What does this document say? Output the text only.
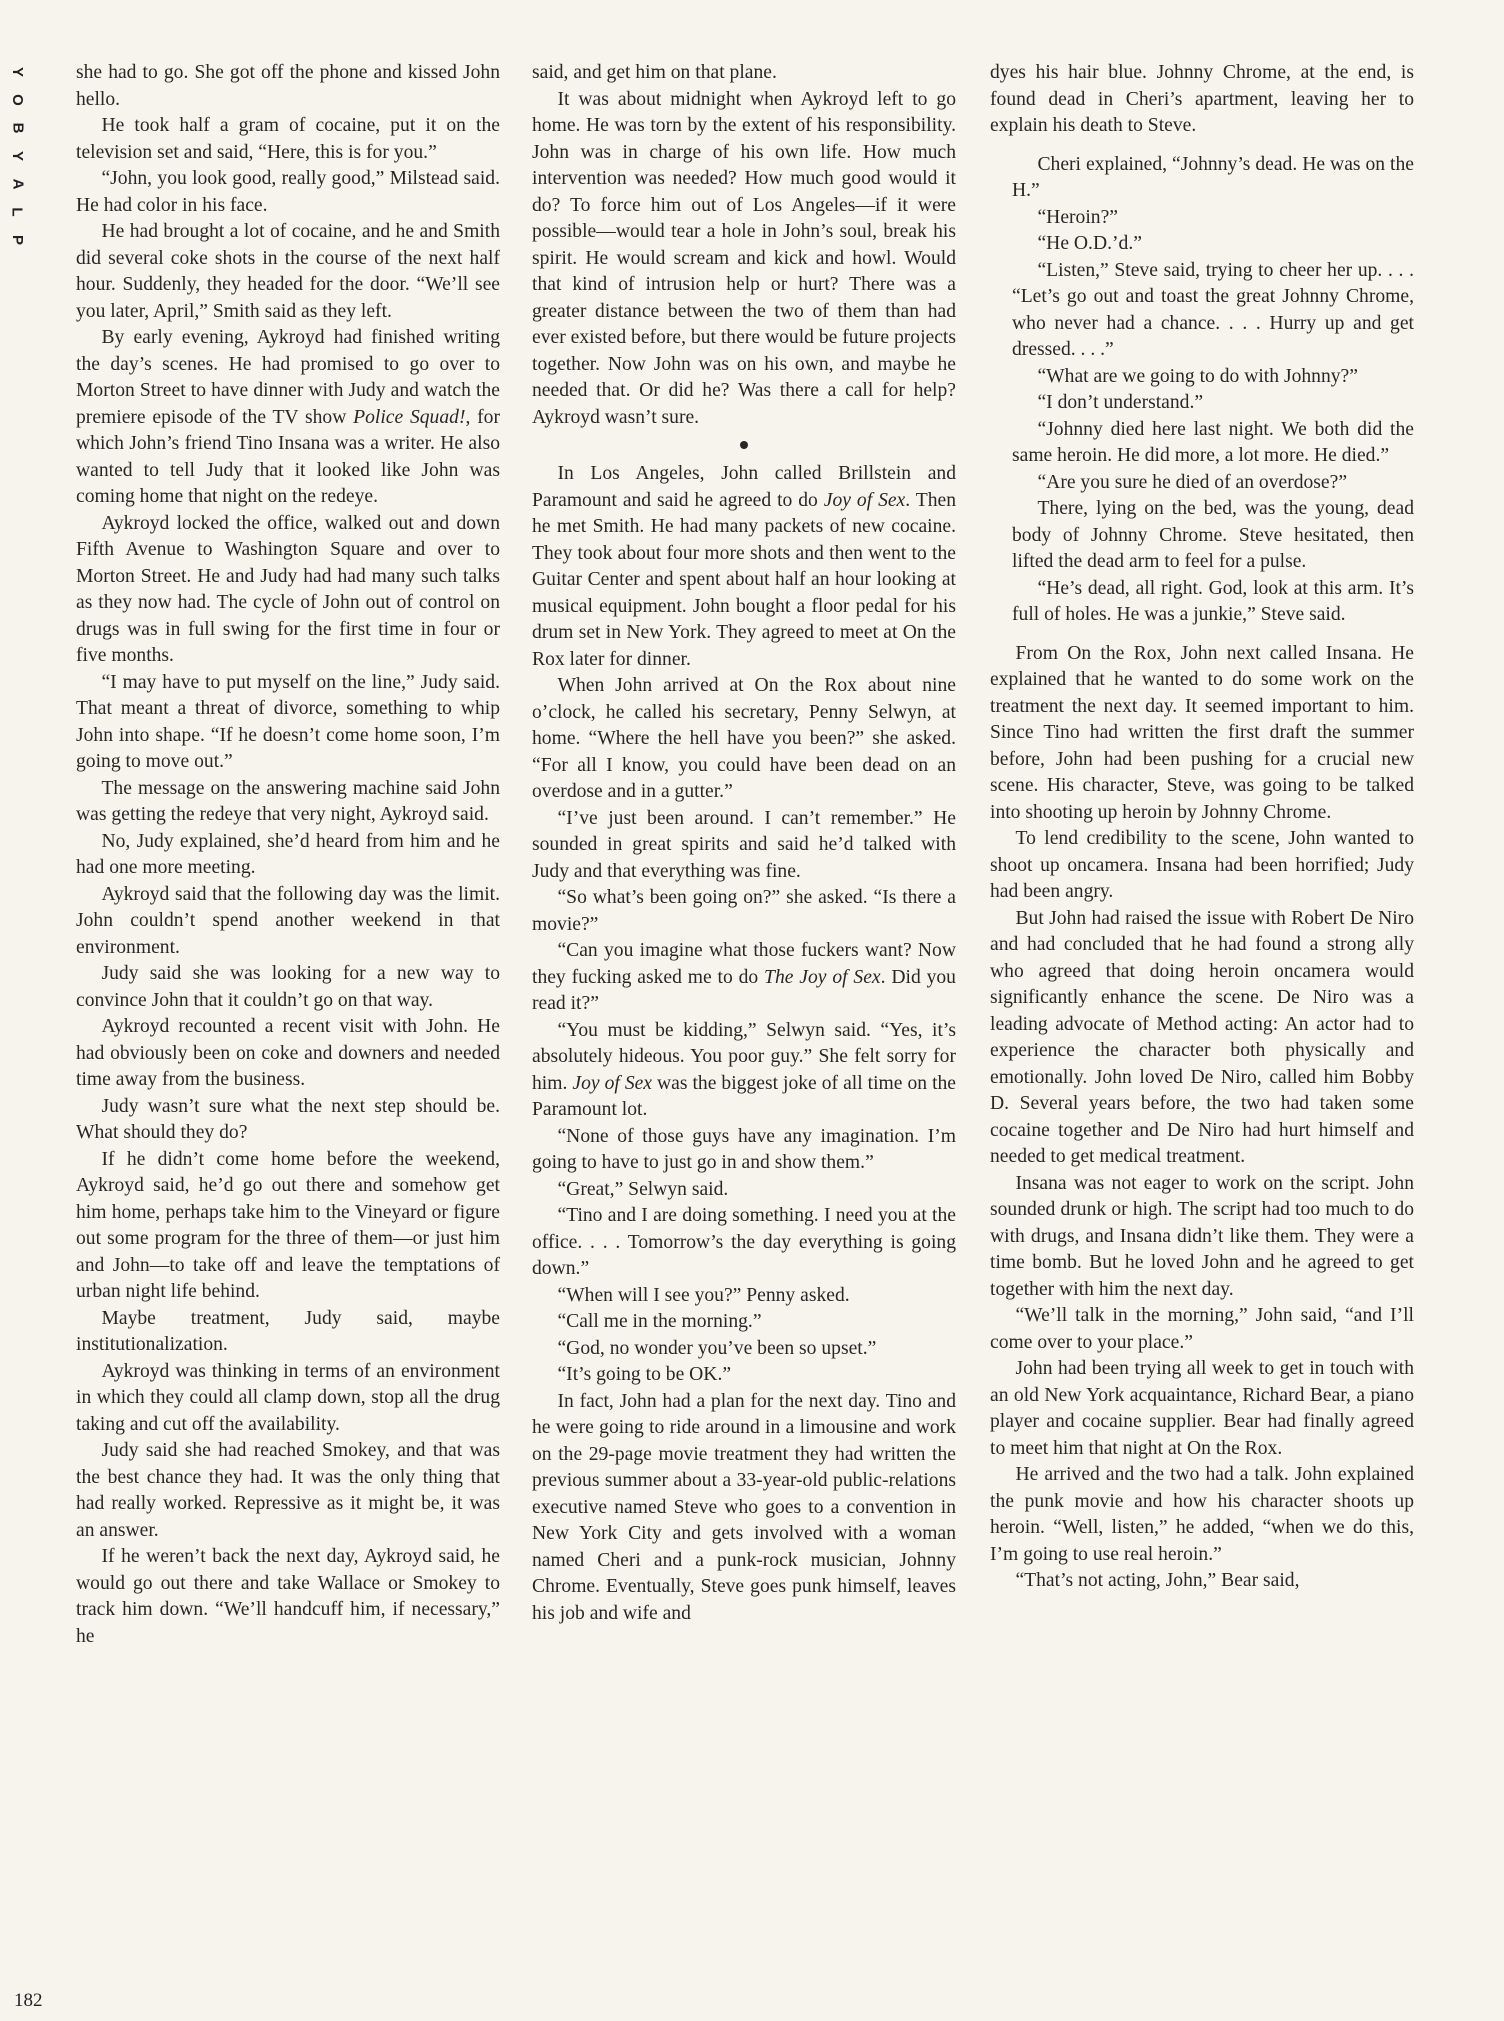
Y
O
B
Y
A
L
P
182

she had to go. She got off the phone and kissed John hello.

He took half a gram of cocaine, put it on the television set and said, “Here, this is for you.”

“John, you look good, really good,” Milstead said. He had color in his face.

He had brought a lot of cocaine, and he and Smith did several coke shots in the course of the next half hour. Suddenly, they headed for the door. “We’ll see you later, April,” Smith said as they left.

By early evening, Aykroyd had finished writing the day’s scenes. He had promised to go over to Morton Street to have dinner with Judy and watch the premiere episode of the TV show Police Squad!, for which John’s friend Tino Insana was a writer. He also wanted to tell Judy that it looked like John was coming home that night on the redeye.

Aykroyd locked the office, walked out and down Fifth Avenue to Washington Square and over to Morton Street. He and Judy had had many such talks as they now had. The cycle of John out of control on drugs was in full swing for the first time in four or five months.

“I may have to put myself on the line,” Judy said. That meant a threat of divorce, something to whip John into shape. “If he doesn’t come home soon, I’m going to move out.”

The message on the answering machine said John was getting the redeye that very night, Aykroyd said.

No, Judy explained, she’d heard from him and he had one more meeting.

Aykroyd said that the following day was the limit. John couldn’t spend another weekend in that environment.

Judy said she was looking for a new way to convince John that it couldn’t go on that way.

Aykroyd recounted a recent visit with John. He had obviously been on coke and downers and needed time away from the business.

Judy wasn’t sure what the next step should be. What should they do?

If he didn’t come home before the weekend, Aykroyd said, he’d go out there and somehow get him home, perhaps take him to the Vineyard or figure out some program for the three of them—or just him and John—to take off and leave the temptations of urban night life behind.

Maybe treatment, Judy said, maybe institutionalization.

Aykroyd was thinking in terms of an environment in which they could all clamp down, stop all the drug taking and cut off the availability.

Judy said she had reached Smokey, and that was the best chance they had. It was the only thing that had really worked. Repressive as it might be, it was an answer.

If he weren’t back the next day, Aykroyd said, he would go out there and take Wallace or Smokey to track him down. “We’ll handcuff him, if necessary,” he

said, and get him on that plane.

It was about midnight when Aykroyd left to go home. He was torn by the extent of his responsibility. John was in charge of his own life. How much intervention was needed? How much good would it do? To force him out of Los Angeles—if it were possible—would tear a hole in John’s soul, break his spirit. He would scream and kick and howl. Would that kind of intrusion help or hurt? There was a greater distance between the two of them than had ever existed before, but there would be future projects together. Now John was on his own, and maybe he needed that. Or did he? Was there a call for help? Aykroyd wasn’t sure.

In Los Angeles, John called Brillstein and Paramount and said he agreed to do Joy of Sex. Then he met Smith. He had many packets of new cocaine. They took about four more shots and then went to the Guitar Center and spent about half an hour looking at musical equipment. John bought a floor pedal for his drum set in New York. They agreed to meet at On the Rox later for dinner.

When John arrived at On the Rox about nine o’clock, he called his secretary, Penny Selwyn, at home. “Where the hell have you been?” she asked. “For all I know, you could have been dead on an overdose and in a gutter.”

“I’ve just been around. I can’t remember.” He sounded in great spirits and said he’d talked with Judy and that everything was fine.

“So what’s been going on?” she asked. “Is there a movie?”

“Can you imagine what those fuckers want? Now they fucking asked me to do The Joy of Sex. Did you read it?”

“You must be kidding,” Selwyn said. “Yes, it’s absolutely hideous. You poor guy.” She felt sorry for him. Joy of Sex was the biggest joke of all time on the Paramount lot.

“None of those guys have any imagination. I’m going to have to just go in and show them.”

“Great,” Selwyn said.

“Tino and I are doing something. I need you at the office. . . . Tomorrow’s the day everything is going down.”

“When will I see you?” Penny asked.

“Call me in the morning.”

“God, no wonder you’ve been so upset.”

“It’s going to be OK.”

In fact, John had a plan for the next day. Tino and he were going to ride around in a limousine and work on the 29-page movie treatment they had written the previous summer about a 33-year-old public-relations executive named Steve who goes to a convention in New York City and gets involved with a woman named Cheri and a punk-rock musician, Johnny Chrome. Eventually, Steve goes punk himself, leaves his job and wife and

dyes his hair blue. Johnny Chrome, at the end, is found dead in Cheri’s apartment, leaving her to explain his death to Steve.

Cheri explained, “Johnny’s dead. He was on the H.”

“Heroin?”

“He O.D.’d.”

“Listen,” Steve said, trying to cheer her up. . . . “Let’s go out and toast the great Johnny Chrome, who never had a chance. . . . Hurry up and get dressed. . . .”

“What are we going to do with Johnny?”

“I don’t understand.”

“Johnny died here last night. We both did the same heroin. He did more, a lot more. He died.”

“Are you sure he died of an overdose?”

There, lying on the bed, was the young, dead body of Johnny Chrome. Steve hesitated, then lifted the dead arm to feel for a pulse.

“He’s dead, all right. God, look at this arm. It’s full of holes. He was a junkie,” Steve said.

From On the Rox, John next called Insana. He explained that he wanted to do some work on the treatment the next day. It seemed important to him. Since Tino had written the first draft the summer before, John had been pushing for a crucial new scene. His character, Steve, was going to be talked into shooting up heroin by Johnny Chrome.

To lend credibility to the scene, John wanted to shoot up oncamera. Insana had been horrified; Judy had been angry.

But John had raised the issue with Robert De Niro and had concluded that he had found a strong ally who agreed that doing heroin oncamera would significantly enhance the scene. De Niro was a leading advocate of Method acting: An actor had to experience the character both physically and emotionally. John loved De Niro, called him Bobby D. Several years before, the two had taken some cocaine together and De Niro had hurt himself and needed to get medical treatment.

Insana was not eager to work on the script. John sounded drunk or high. The script had too much to do with drugs, and Insana didn’t like them. They were a time bomb. But he loved John and he agreed to get together with him the next day.

“We’ll talk in the morning,” John said, “and I’ll come over to your place.”

John had been trying all week to get in touch with an old New York acquaintance, Richard Bear, a piano player and cocaine supplier. Bear had finally agreed to meet him that night at On the Rox.

He arrived and the two had a talk. John explained the punk movie and how his character shoots up heroin. “Well, listen,” he added, “when we do this, I’m going to use real heroin.”

“That’s not acting, John,” Bear said,
